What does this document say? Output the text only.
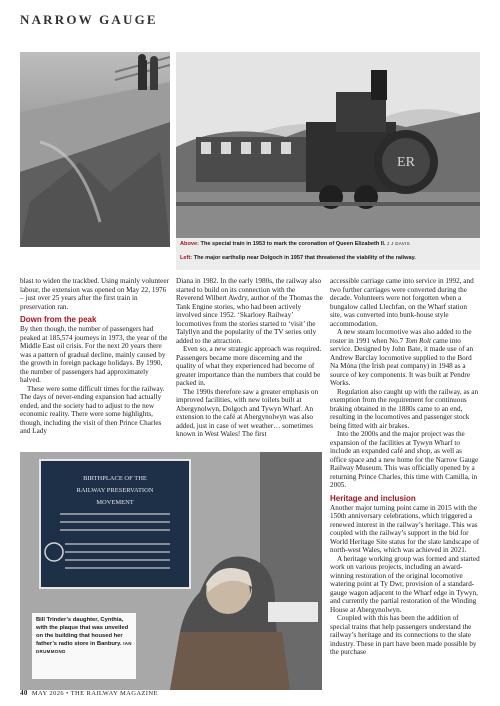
NARROW GAUGE
ER
Above: The special train in 1953 to mark the coronation of Queen Elizabeth II. J J DAVIS
Left: The major earthslip near Dolgoch in 1957 that threatened the viability of the railway.

blast to widen the trackbed. Using mainly volunteer labour, the extension was opened on May 22, 1976 – just over 25 years after the first train in preservation ran.

Down from the peak

By then though, the number of passengers had peaked at 185,574 journeys in 1973, the year of the Middle East oil crisis. For the next 20 years there was a pattern of gradual decline, mainly caused by the growth in foreign package holidays. By 1990, the number of passengers had approximately halved.

These were some difficult times for the railway. The days of never-ending expansion had actually ended, and the society had to adjust to the new economic reality. There were some highlights, though, including the visit of then Prince Charles and Lady

Diana in 1982. In the early 1980s, the railway also started to build on its connection with the Reverend Wilbert Awdry, author of the Thomas the Tank Engine stories, who had been actively involved since 1952. ‘Skarloey Railway’ locomotives from the stories started to ‘visit’ the Talyllyn and the popularity of the TV series only added to the attraction.

Even so, a new strategic approach was required. Passengers became more discerning and the quality of what they experienced had become of greater importance than the numbers that could be packed in.

The 1990s therefore saw a greater emphasis on improved facilities, with new toilets built at Abergynolwyn, Dolgoch and Tywyn Wharf. An extension to the café at Abergynolwyn was also added, just in case of wet weather… sometimes known in West Wales! The first

accessible carriage came into service in 1992, and two further carriages were converted during the decade. Volunteers were not forgotten when a bungalow called Llechfan, on the Wharf station site, was converted into bunk-house style accommodation.

A new steam locomotive was also added to the roster in 1991 when No.7 Tom Rolt came into service. Designed by John Bate, it made use of an Andrew Barclay locomotive supplied to the Bord Na Móna (the Irish peat company) in 1948 as a source of key components. It was built at Pendre Works.

Regulation also caught up with the railway, as an exemption from the requirement for continuous braking obtained in the 1880s came to an end, resulting in the locomotives and passenger stock being fitted with air brakes.

Into the 2000s and the major project was the expansion of the facilities at Tywyn Wharf to include an expanded café and shop, as well as office space and a new home for the Narrow Gauge Railway Museum. This was officially opened by a returning Prince Charles, this time with Camilla, in 2005.

Heritage and inclusion

Another major turning point came in 2015 with the 150th anniversary celebrations, which triggered a renewed interest in the railway’s heritage. This was coupled with the railway’s support in the bid for World Heritage Site status for the slate landscape of north-west Wales, which was achieved in 2021.

A heritage working group was formed and started work on various projects, including an award-winning restoration of the original locomotive watering point at Ty Dwr, provision of a standard-gauge wagon adjacent to the Wharf edge in Tywyn, and currently the partial restoration of the Winding House at Abergynolwyn.

Coupled with this has been the addition of special trains that help passengers understand the railway’s heritage and its connections to the slate industry. These in part have been made possible by the purchase

BIRTHPLACE OF THE
RAILWAY PRESERVATION
MOVEMENT
Bill Trinder’s daughter, Cynthia, with the plaque that was unveiled on the building that housed her father’s radio store in Banbury. IAN DRUMMOND
40 MAY 2026 • THE RAILWAY MAGAZINE
